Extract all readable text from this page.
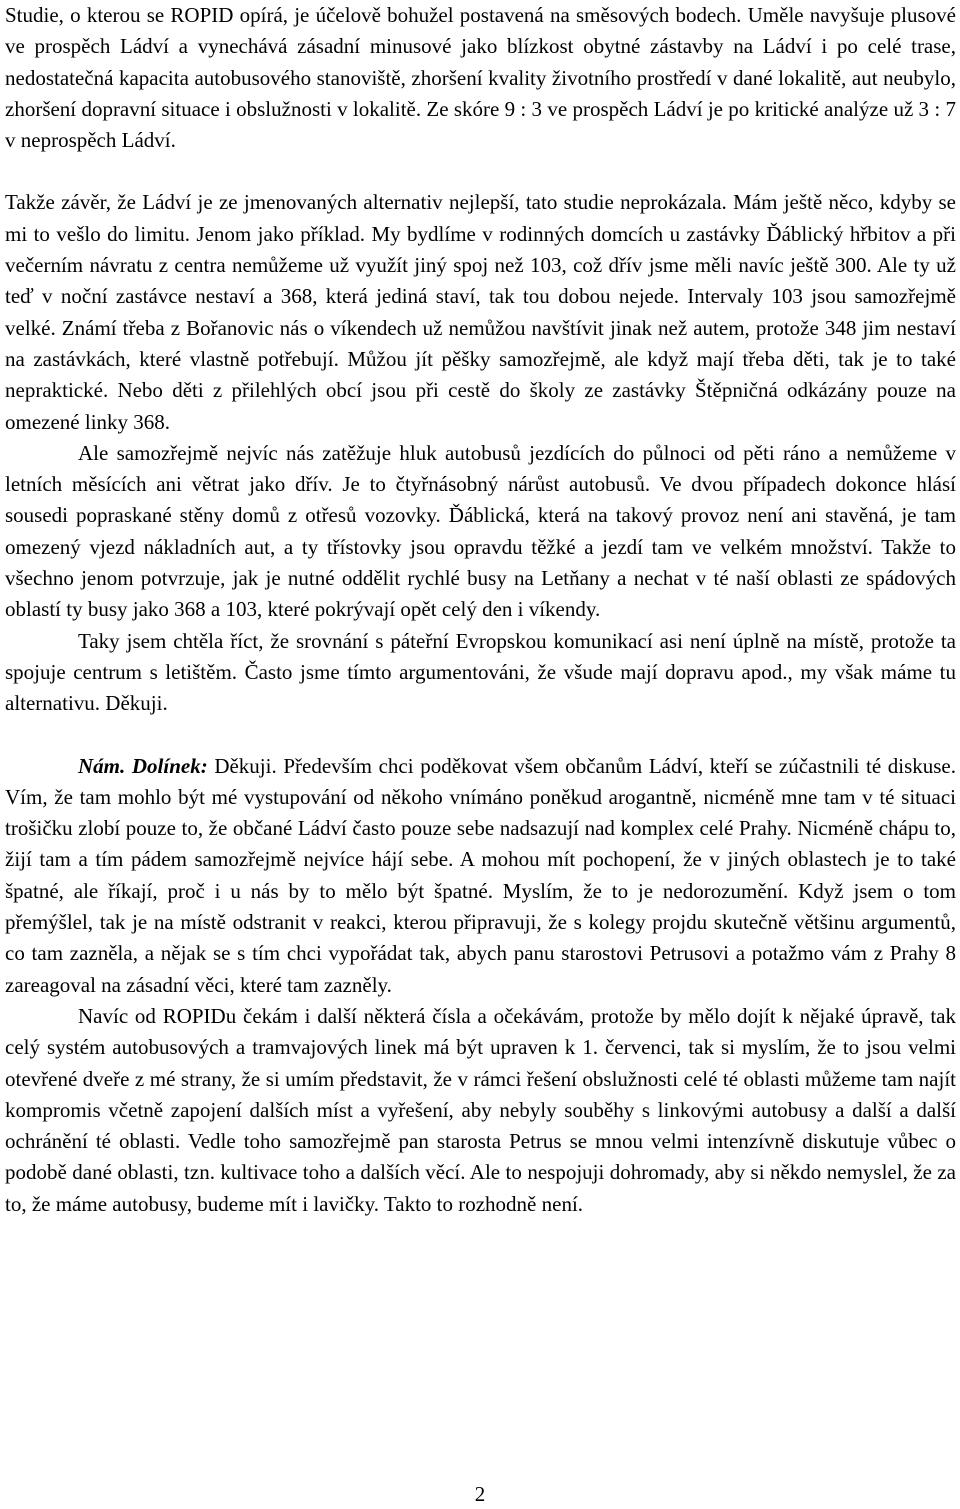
Studie, o kterou se ROPID opírá, je účelově bohužel postavená na směsových bodech. Uměle navyšuje plusové ve prospěch Ládví a vynechává zásadní minusové jako blízkost obytné zástavby na Ládví i po celé trase, nedostatečná kapacita autobusového stanoviště, zhoršení kvality životního prostředí v dané lokalitě, aut neubylo, zhoršení dopravní situace i obslužnosti v lokalitě. Ze skóre 9 : 3 ve prospěch Ládví je po kritické analýze už 3 : 7 v neprospěch Ládví.

Takže závěr, že Ládví je ze jmenovaných alternativ nejlepší, tato studie neprokázala. Mám ještě něco, kdyby se mi to vešlo do limitu. Jenom jako příklad. My bydlíme v rodinných domcích u zastávky Ďáblický hřbitov a při večerním návratu z centra nemůžeme už využít jiný spoj než 103, což dřív jsme měli navíc ještě 300. Ale ty už teď v noční zastávce nestaví a 368, která jediná staví, tak tou dobou nejede. Intervaly 103 jsou samozřejmě velké. Známí třeba z Bořanovic nás o víkendech už nemůžou navštívit jinak než autem, protože 348 jim nestaví na zastávkách, které vlastně potřebují. Můžou jít pěšky samozřejmě, ale když mají třeba děti, tak je to také nepraktické. Nebo děti z přilehlých obcí jsou při cestě do školy ze zastávky Štěpničná odkázány pouze na omezené linky 368.

Ale samozřejmě nejvíc nás zatěžuje hluk autobusů jezdících do půlnoci od pěti ráno a nemůžeme v letních měsících ani větrat jako dřív. Je to čtyřnásobný nárůst autobusů. Ve dvou případech dokonce hlásí sousedi popraskané stěny domů z otřesů vozovky. Ďáblická, která na takový provoz není ani stavěná, je tam omezený vjezd nákladních aut, a ty třístovky jsou opravdu těžké a jezdí tam ve velkém množství. Takže to všechno jenom potvrzuje, jak je nutné oddělit rychlé busy na Letňany a nechat v té naší oblasti ze spádových oblastí ty busy jako 368 a 103, které pokrývají opět celý den i víkendy.

Taky jsem chtěla říct, že srovnání s páteřní Evropskou komunikací asi není úplně na místě, protože ta spojuje centrum s letištěm. Často jsme tímto argumentováni, že všude mají dopravu apod., my však máme tu alternativu. Děkuji.

Nám. Dolínek: Děkuji. Především chci poděkovat všem občanům Ládví, kteří se zúčastnili té diskuse. Vím, že tam mohlo být mé vystupování od někoho vnímáno poněkud arogantně, nicméně mne tam v té situaci trošičku zlobí pouze to, že občané Ládví často pouze sebe nadsazují nad komplex celé Prahy. Nicméně chápu to, žijí tam a tím pádem samozřejmě nejvíce hájí sebe. A mohou mít pochopení, že v jiných oblastech je to také špatné, ale říkají, proč i u nás by to mělo být špatné. Myslím, že to je nedorozumění. Když jsem o tom přemýšlel, tak je na místě odstranit v reakci, kterou připravuji, že s kolegy projdu skutečně většinu argumentů, co tam zazněla, a nějak se s tím chci vypořádat tak, abych panu starostovi Petrusovi a potažmo vám z Prahy 8 zareagoval na zásadní věci, které tam zazněly.

Navíc od ROPIDu čekám i další některá čísla a očekávám, protože by mělo dojít k nějaké úpravě, tak celý systém autobusových a tramvajových linek má být upraven k 1. červenci, tak si myslím, že to jsou velmi otevřené dveře z mé strany, že si umím představit, že v rámci řešení obslužnosti celé té oblasti můžeme tam najít kompromis včetně zapojení dalších míst a vyřešení, aby nebyly souběhy s linkovými autobusy a další a další ochránění té oblasti. Vedle toho samozřejmě pan starosta Petrus se mnou velmi intenzívně diskutuje vůbec o podobě dané oblasti, tzn. kultivace toho a dalších věcí. Ale to nespojuji dohromady, aby si někdo nemyslel, že za to, že máme autobusy, budeme mít i lavičky. Takto to rozhodně není.

2
